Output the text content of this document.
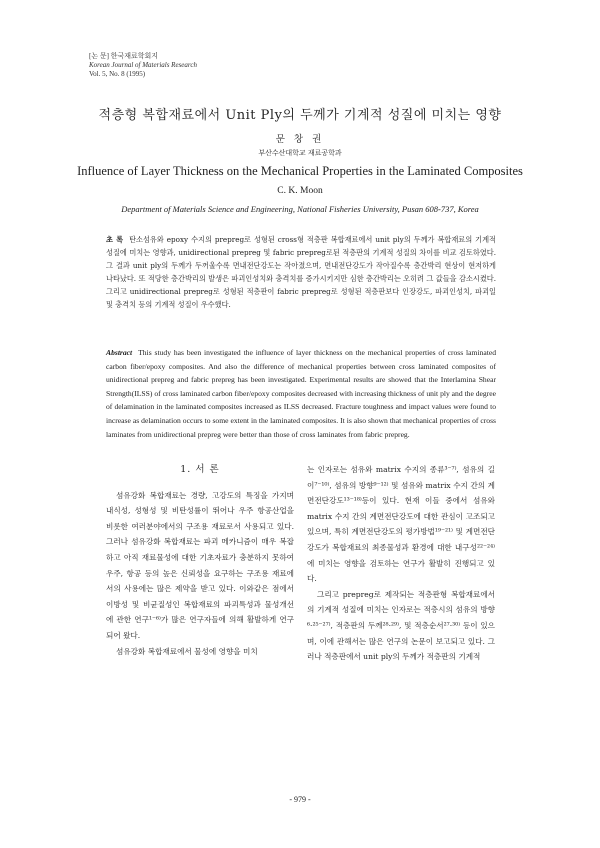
[논 문] 한국재료학회지
Korean Journal of Materials Research
Vol. 5, No. 8 (1995)
적층형 복합재료에서 Unit Ply의 두께가 기계적 성질에 미치는 영향
문 창 권
부산수산대학교 재료공학과
Influence of Layer Thickness on the Mechanical Properties in the Laminated Composites
C. K. Moon
Department of Materials Science and Engineering, National Fisheries University, Pusan 608-737, Korea
초 록 탄소섬유와 epoxy 수지의 prepreg로 성형된 cross형 적층판 복합재료에서 unit ply의 두께가 복합재료의 기계적 성질에 미치는 영향과, unidirectional prepreg 및 fabric prepreg로된 적층판의 기계적 성질의 차이를 비교 검토하였다. 그 결과 unit ply의 두께가 두꺼울수록 면내전단강도는 작아졌으며, 면내전단강도가 작아질수록 층간박리 현상이 현저하게 나타났다. 또 적당한 층간박리의 발생은 파괴인성치와 충격치를 증가시키지만 심한 층간박리는 오히려 그 값들을 감소시켰다. 그리고 unidirectional prepreg로 성형된 적층판이 fabric prepreg로 성형된 적층판보다 인장강도, 파괴인성치, 파괴일 및 충격치 등의 기계적 성질이 우수했다.
Abstract This study has been investigated the influence of layer thickness on the mechanical properties of cross laminated carbon fiber/epoxy composites. And also the difference of mechanical properties between cross laminated composites of unidirectional prepreg and fabric prepreg has been investigated. Experimental results are showed that the Interlamina Shear Strength(ILSS) of cross laminated carbon fiber/epoxy composites decreased with increasing thickness of unit ply and the degree of delamination in the laminated composites increased as ILSS decreased. Fracture toughness and impact values were found to increase as delamination occurs to some extent in the laminated composites. It is also shown that mechanical properties of cross laminates from unidirectional prepreg were better than those of cross laminates from fabric prepreg.
1. 서 론

섬유강화 복합재료는 경량, 고강도의 특징을 가지며 내식성, 성형성 및 비탄성률이 뛰어나 우주 항공산업을 비롯한 여러분야에서의 구조용 재료로서 사용되고 있다. 그러나 섬유강화 복합재료는 파괴 메카니즘이 매우 복잡하고 아직 재료물성에 대한 기초자료가 충분하지 못하여 우주, 항공 등의 높은 신뢰성을 요구하는 구조용 재료에서의 사용에는 많은 제약을 받고 있다. 이와같은 점에서 이방성 및 비균질성인 복합재료의 파괴특성과 물성개선에 관한 연구¹⁻⁶⁾가 많은 연구자들에 의해 활발하게 연구되어 왔다.

섬유강화 복합재료에서 물성에 영향을 미치

는 인자로는 섬유와 matrix 수지의 종류³⁻⁷⁾, 섬유의 길이⁷⁻¹⁰⁾, 섬유의 방향⁹⁻¹²⁾ 및 섬유와 matrix 수지 간의 계면전단강도¹³⁻¹⁸⁾등이 있다. 현재 이들 중에서 섬유와 matrix 수지 간의 계면전단강도에 대한 관심이 고조되고 있으며, 특히 계면전단강도의 평가방법¹⁹⁻²¹⁾ 및 계면전단강도가 복합재료의 최종물성과 환경에 대한 내구성²²⁻²⁴⁾에 미치는 영향을 검토하는 연구가 활발히 진행되고 있다.

그리고 prepreg로 제작되는 적층판형 복합재료에서의 기계적 성질에 미치는 인자로는 적층시의 섬유의 방향⁶·²⁵⁻²⁷⁾, 적층판의 두께²⁸·²⁹⁾, 및 적층순서²⁷·³⁰⁾ 등이 있으며, 이에 관해서는 많은 연구의 논문이 보고되고 있다. 그러나 적층판에서 unit ply의 두께가 적층판의 기계적

- 979 -
